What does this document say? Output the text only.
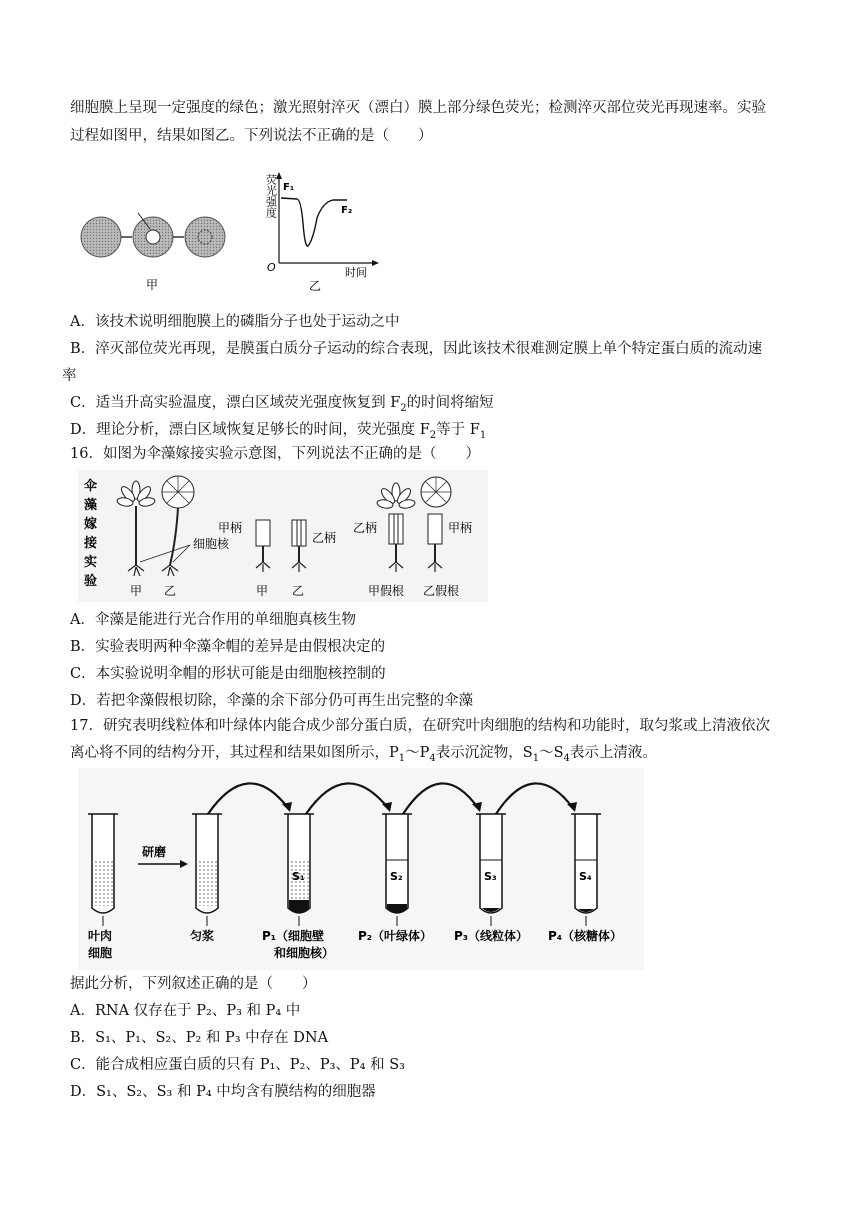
细胞膜上呈现一定强度的绿色；激光照射淬灭（漂白）膜上部分绿色荧光；检测淬灭部位荧光再现速率。实验
过程如图甲，结果如图乙。下列说法不正确的是（　　）
甲
荧光强度
O	时间
F₁
F₂
乙
A．该技术说明细胞膜上的磷脂分子也处于运动之中
B．淬灭部位荧光再现，是膜蛋白质分子运动的综合表现，因此该技术很难测定膜上单个特定蛋白质的流动速
率
C．适当升高实验温度，漂白区域荧光强度恢复到 $F_2$的时间将缩短
D．理论分析，漂白区域恢复足够长的时间，荧光强度 $F_2$等于 $F_1$
16．如图为伞藻嫁接实验示意图，下列说法不正确的是（　　）
伞
藻
嫁
接
实
验
细胞核
甲 乙
甲柄
乙柄
甲 乙
乙柄	甲柄
甲假根 乙假根
A．伞藻是能进行光合作用的单细胞真核生物
B．实验表明两种伞藻伞帽的差异是由假根决定的
C．本实验说明伞帽的形状可能是由细胞核控制的
D．若把伞藻假根切除，伞藻的余下部分仍可再生出完整的伞藻
17．研究表明线粒体和叶绿体内能合成少部分蛋白质，在研究叶肉细胞的结构和功能时，取匀浆或上清液依次
离心将不同的结构分开，其过程和结果如图所示，$P_1\sim P_4$表示沉淀物，$S_1\sim S_4$表示上清液。
研磨
S₁	S₂	S₃	S₄
叶肉
细胞
匀浆	P₁（细胞壁
和细胞核）
P₂（叶绿体） P₃（线粒体） P₄（核糖体）
据此分析，下列叙述正确的是（　　）
A．RNA 仅存在于 P₂、P₃ 和 P₄ 中
B．S₁、P₁、S₂、P₂ 和 P₃ 中存在 DNA
C．能合成相应蛋白质的只有 P₁、P₂、P₃、P₄ 和 S₃
D．S₁、S₂、S₃ 和 P₄ 中均含有膜结构的细胞器
